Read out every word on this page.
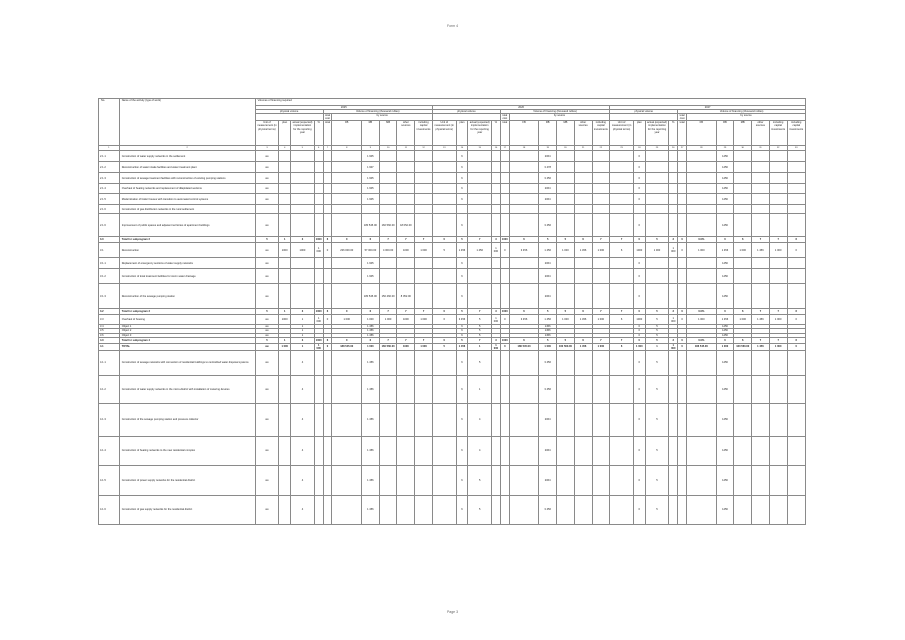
Form 4
No.	Name of the activity (type of work)	Volumes of financing required																														
		2025										2026										2027										
		physical volume				Volume of financing (thousand rubles)						physical volume				Volume of financing (thousand rubles)						physical volume				Volume of financing (thousand rubles)						
						total cost	by source									total cost	by source									total cost	by source					
		Unit of measurement (in physical terms)	plan	actual (expected) implementation for the reporting year	%	total	FB	RB	MB	other sources	including capital investments	Unit of measurement (in physical terms)	plan	actual (expected) implementation for the reporting year	%	total	FB	RB	MB	other sources	including capital investments	Unit of measurement (in physical terms)	plan	actual (expected) implementation for the reporting year	%	total	FB	RB	MB	other sources	including capital investments	including capital investments
1	2	3	4	5	6	7	8	9	10	11	12	13	14	15	16	17	18	19	20	21	22	23	24	25	26	27	28	29	30	31	32	33
2.1.1	Construction of water supply networks in the settlement	км						1 905					6					2064					0					1456				
2.1.2	Reconstruction of water intake facilities and water treatment plant	км						1 907					6					3 478					0					1456				
2.1.3	Construction of sewage treatment facilities with reconstruction of existing pumping stations	км						1 905					6					3 456					0					1456				
2.1.4	Overhaul of heating networks and replacement of dilapidated sections	км						1 905					6					2064					0					1456				
2.1.5	Modernization of boiler houses with transition to automated control systems	км						1 905					6					2064					0					1456				
2.1.6	Construction of gas distribution networks in the rural settlement																															
2.1.6	Improvement of public spaces and adjacent territories of apartment buildings	км						180 545.00	160 560.00	18 052.00			6					3 456					0					1456				
3.0	Total for subprogram 2	5	1	3	1000	6	0	6	7	7	7	0	5	7	3	1000	6	5	5	6	7	7	0	5	3	0	0.0%	0	6	7	7	6
3.1	Reconstruction	км	1000	1000	1 000	0	236 000.00	57 000.00	4 000.00	1000	1 000	5	1 456	1 456	1 000	0	3 456	1 456	1 000	1 456	1 000	6	1000	1 000	1 000	0	1 000	1 456	1 000	1 456	1 000	0
3.1.1	Replacement of emergency sections of water supply networks	км						1 905					6					2064					0					1456				
3.1.2	Construction of local treatment facilities for storm water drainage	км						1 905					6					2064					0					1456				
3.1.3	Reconstruction of the sewage pumping station	км						180 545.00	150 460.00	8 052.00			6					2064					0					1456				
3.2	Total for subprogram 3	5	1	3	1000	6	0	6	7	7	7	0	5	7	3	1000	6	5	5	6	7	7	0	5	3	0	0.0%	0	6	7	7	6
3.3	Overhaul of housing	км	1000	1	1 000	0	1 000	1 000	1 000	1000	1 000	6	3 456	5	1 000	0	3 456	1 456	1 000	1 456	1 000	6	1000	5	1 000	0	1 000	1 456	1 000	1 456	1 000	0
3.4	Object 1	км		1				1 456					6	5				1456					0	5				1456				
3.5	Object 2	км		1				1 456					6	5				1456					0	5				1456				
3.6	Object 3	км		1				1 456					6	5				1456					0	5				1456				
4.0	Total for subprogram 4	5	1	3	1000	6	0	6	7	7	7	0	5	7	3	1000	6	5	5	6	7	7	0	5	3	0	0.0%	0	6	7	7	6
4.1	TOTAL	км	1 000	1	1 000	0	188 545.00	1 000	160 560.00	1000	1 000	5	1 456	1	1 000	0	186 545.00	1 000	160 560.00	1 456	1 000	6	1 000	1	1 000	0	186 545.00	1 000	160 560.00	1 456	1 000	0
4.1.1	Construction of sewage networks with connection of residential buildings to centralized water disposal systems	км		4				1 456					6	5				3 456					0	5				1456				
4.1.2	Construction of water supply networks in the micro-district with installation of metering devices	км		4				1 456					6	1				3 456					0	5				1456				
4.1.3	Construction of the sewage pumping station and pressure collector	км		4				1 456					6	4				2064					0	5				1456				
4.1.4	Construction of heating networks to the new residential complex	км		4				1 456					6	4				2064					0	5				1456				
4.1.5	Construction of power supply networks for the residential district	км		4				1 456					6	5				2064					0	5				1456				
4.1.6	Construction of gas supply networks for the residential district	км		4				1 456					6	5				3 456					0	5				1456				
Page 3
